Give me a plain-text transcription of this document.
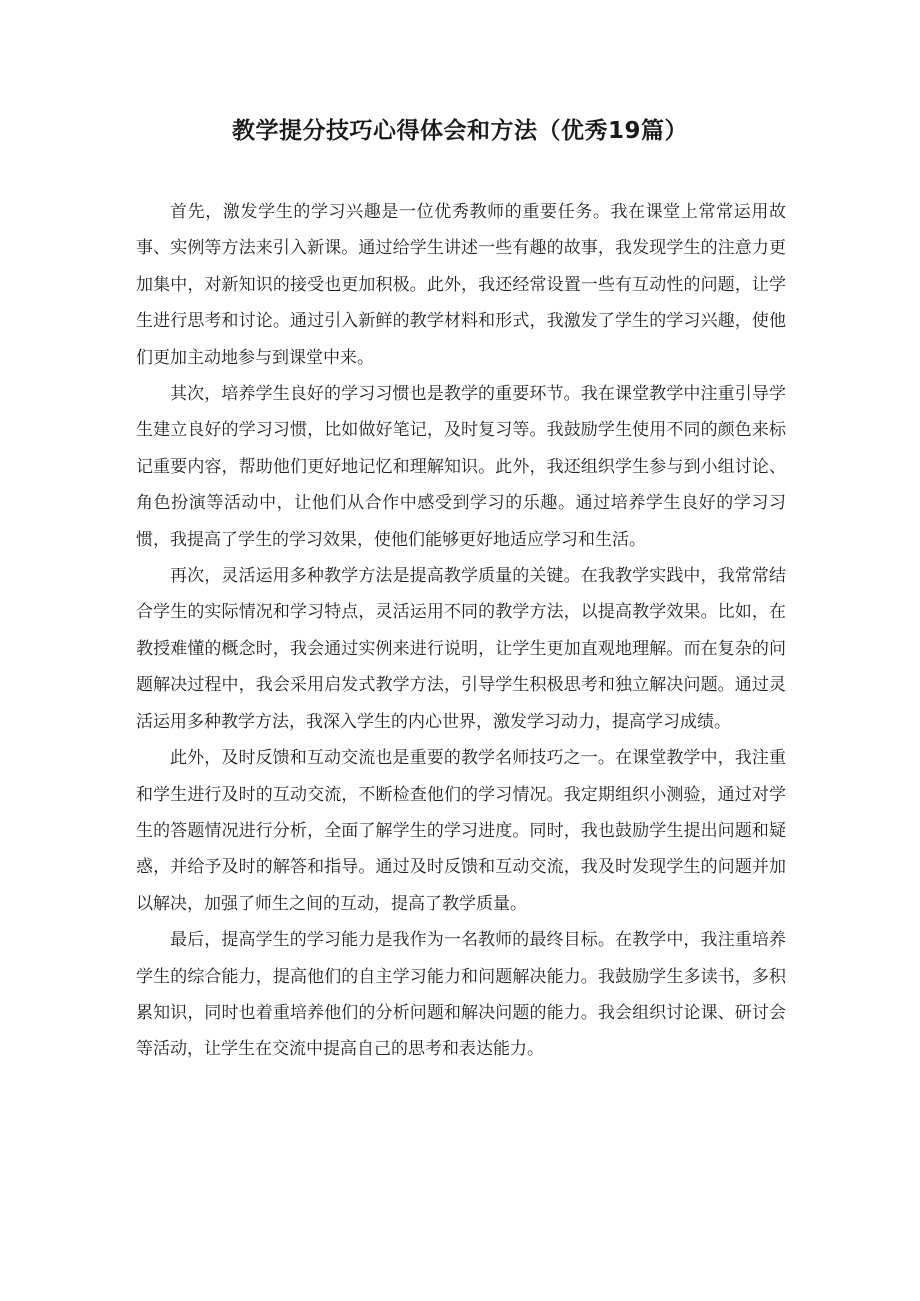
教学提分技巧心得体会和方法（优秀19篇）

首先，激发学生的学习兴趣是一位优秀教师的重要任务。我在课堂上常常运用故事、实例等方法来引入新课。通过给学生讲述一些有趣的故事，我发现学生的注意力更加集中，对新知识的接受也更加积极。此外，我还经常设置一些有互动性的问题，让学生进行思考和讨论。通过引入新鲜的教学材料和形式，我激发了学生的学习兴趣，使他们更加主动地参与到课堂中来。

其次，培养学生良好的学习习惯也是教学的重要环节。我在课堂教学中注重引导学生建立良好的学习习惯，比如做好笔记，及时复习等。我鼓励学生使用不同的颜色来标记重要内容，帮助他们更好地记忆和理解知识。此外，我还组织学生参与到小组讨论、角色扮演等活动中，让他们从合作中感受到学习的乐趣。通过培养学生良好的学习习惯，我提高了学生的学习效果，使他们能够更好地适应学习和生活。

再次，灵活运用多种教学方法是提高教学质量的关键。在我教学实践中，我常常结合学生的实际情况和学习特点，灵活运用不同的教学方法，以提高教学效果。比如，在教授难懂的概念时，我会通过实例来进行说明，让学生更加直观地理解。而在复杂的问题解决过程中，我会采用启发式教学方法，引导学生积极思考和独立解决问题。通过灵活运用多种教学方法，我深入学生的内心世界，激发学习动力，提高学习成绩。

此外，及时反馈和互动交流也是重要的教学名师技巧之一。在课堂教学中，我注重和学生进行及时的互动交流，不断检查他们的学习情况。我定期组织小测验，通过对学生的答题情况进行分析，全面了解学生的学习进度。同时，我也鼓励学生提出问题和疑惑，并给予及时的解答和指导。通过及时反馈和互动交流，我及时发现学生的问题并加以解决，加强了师生之间的互动，提高了教学质量。

最后，提高学生的学习能力是我作为一名教师的最终目标。在教学中，我注重培养学生的综合能力，提高他们的自主学习能力和问题解决能力。我鼓励学生多读书，多积累知识，同时也着重培养他们的分析问题和解决问题的能力。我会组织讨论课、研讨会等活动，让学生在交流中提高自己的思考和表达能力。
